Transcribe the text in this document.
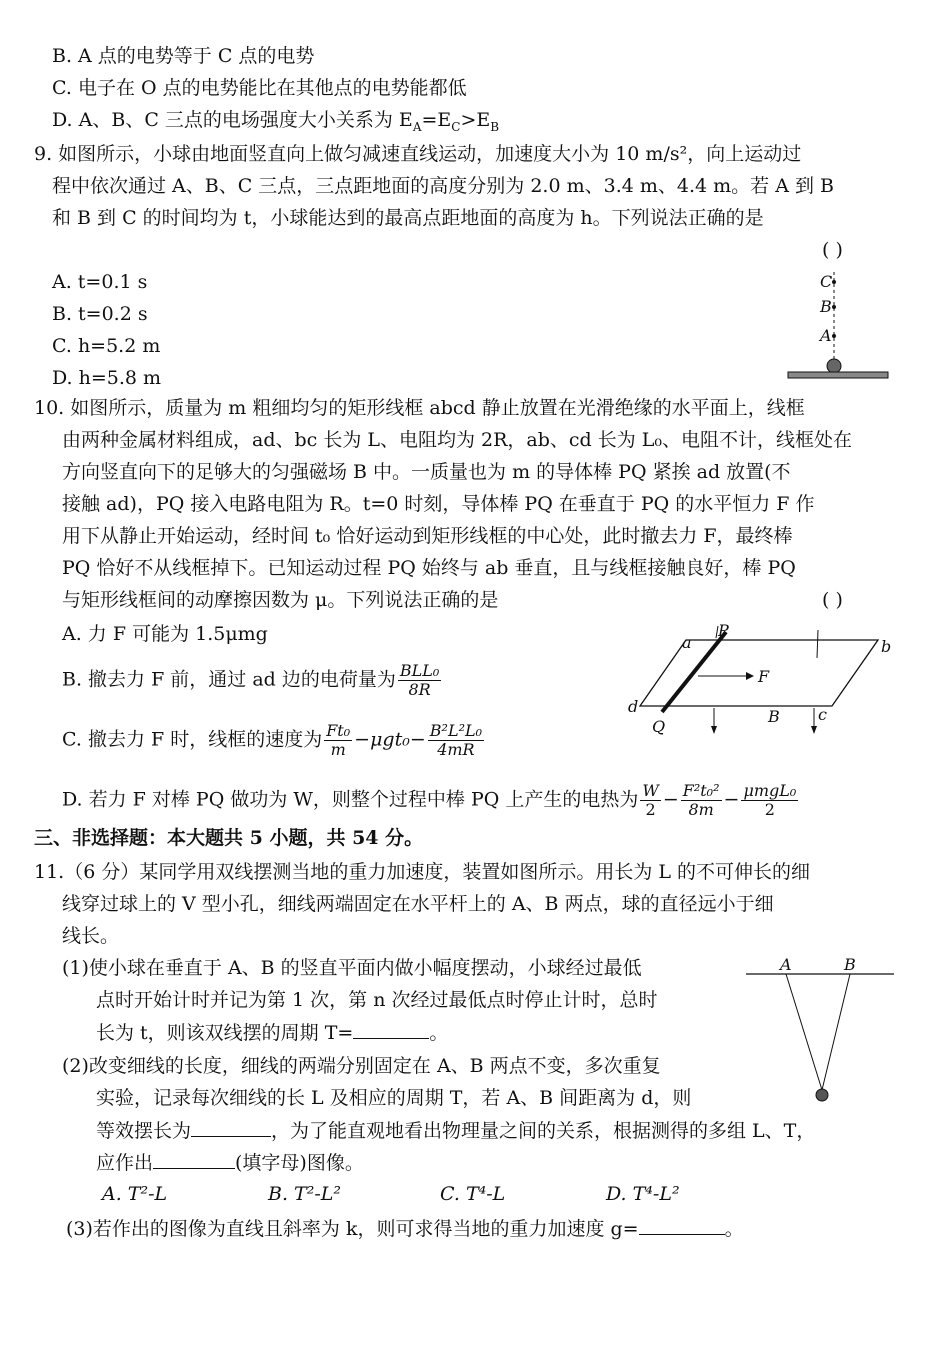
B. A 点的电势等于 C 点的电势
C. 电子在 O 点的电势能比在其他点的电势能都低
D. A、B、C 三点的电场强度大小关系为 $E_A=E_C>E_B$
9. 如图所示，小球由地面竖直向上做匀减速直线运动，加速度大小为 10 m/s²，向上运动过
程中依次通过 A、B、C 三点，三点距地面的高度分别为 2.0 m、3.4 m、4.4 m。若 A 到 B
和 B 到 C 的时间均为 t，小球能达到的最高点距地面的高度为 h。下列说法正确的是
( )
A. t=0.1 s
B. t=0.2 s
C. h=5.2 m
D. h=5.8 m
C
B
A
10. 如图所示，质量为 m 粗细均匀的矩形线框 abcd 静止放置在光滑绝缘的水平面上，线框
由两种金属材料组成，ad、bc 长为 L、电阻均为 2R，ab、cd 长为 L₀、电阻不计，线框处在
方向竖直向下的足够大的匀强磁场 B 中。一质量也为 m 的导体棒 PQ 紧挨 ad 放置(不
接触 ad)，PQ 接入电路电阻为 R。t=0 时刻，导体棒 PQ 在垂直于 PQ 的水平恒力 F 作
用下从静止开始运动，经时间 t₀ 恰好运动到矩形线框的中心处，此时撤去力 F，最终棒
PQ 恰好不从线框掉下。已知运动过程 PQ 始终与 ab 垂直，且与线框接触良好，棒 PQ
与矩形线框间的动摩擦因数为 μ。下列说法正确的是	( )
A. 力 F 可能为 1.5μmg
B. 撤去力 F 前，通过 ad 边的电荷量为 $\frac{\text{BLL₀}}{8R}$
C. 撤去力 F 时，线框的速度为 $\frac{\text{Ft₀}}{m} -\mu gt_0- \frac{\text{B²L²L₀}}{4mR}$
D. 若力 F 对棒 PQ 做功为 W，则整个过程中棒 PQ 上产生的电热为 $\frac{W}{2} - \frac{\text{F²t₀²}}{8m} - \frac{\text{μmgL₀}}{2}$
a
P
b
F
d
Q
B c
三、非选择题：本大题共 5 小题，共 54 分。
11.（6 分）某同学用双线摆测当地的重力加速度，装置如图所示。用长为 L 的不可伸长的细
线穿过球上的 V 型小孔，细线两端固定在水平杆上的 A、B 两点，球的直径远小于细
线长。
(1)使小球在垂直于 A、B 的竖直平面内做小幅度摆动，小球经过最低
点时开始计时并记为第 1 次，第 n 次经过最低点时停止计时，总时
长为 t，则该双线摆的周期 T=	。
(2)改变细线的长度，细线的两端分别固定在 A、B 两点不变，多次重复
实验，记录每次细线的长 L 及相应的周期 T，若 A、B 间距离为 d，则
等效摆长为	，为了能直观地看出物理量之间的关系，根据测得的多组 L、T，
应作出	(填字母)图像。
A. T²-L	B. T²-L²	C. T⁴-L	D. T⁴-L²
(3)若作出的图像为直线且斜率为 k，则可求得当地的重力加速度 g=	。
A	B
